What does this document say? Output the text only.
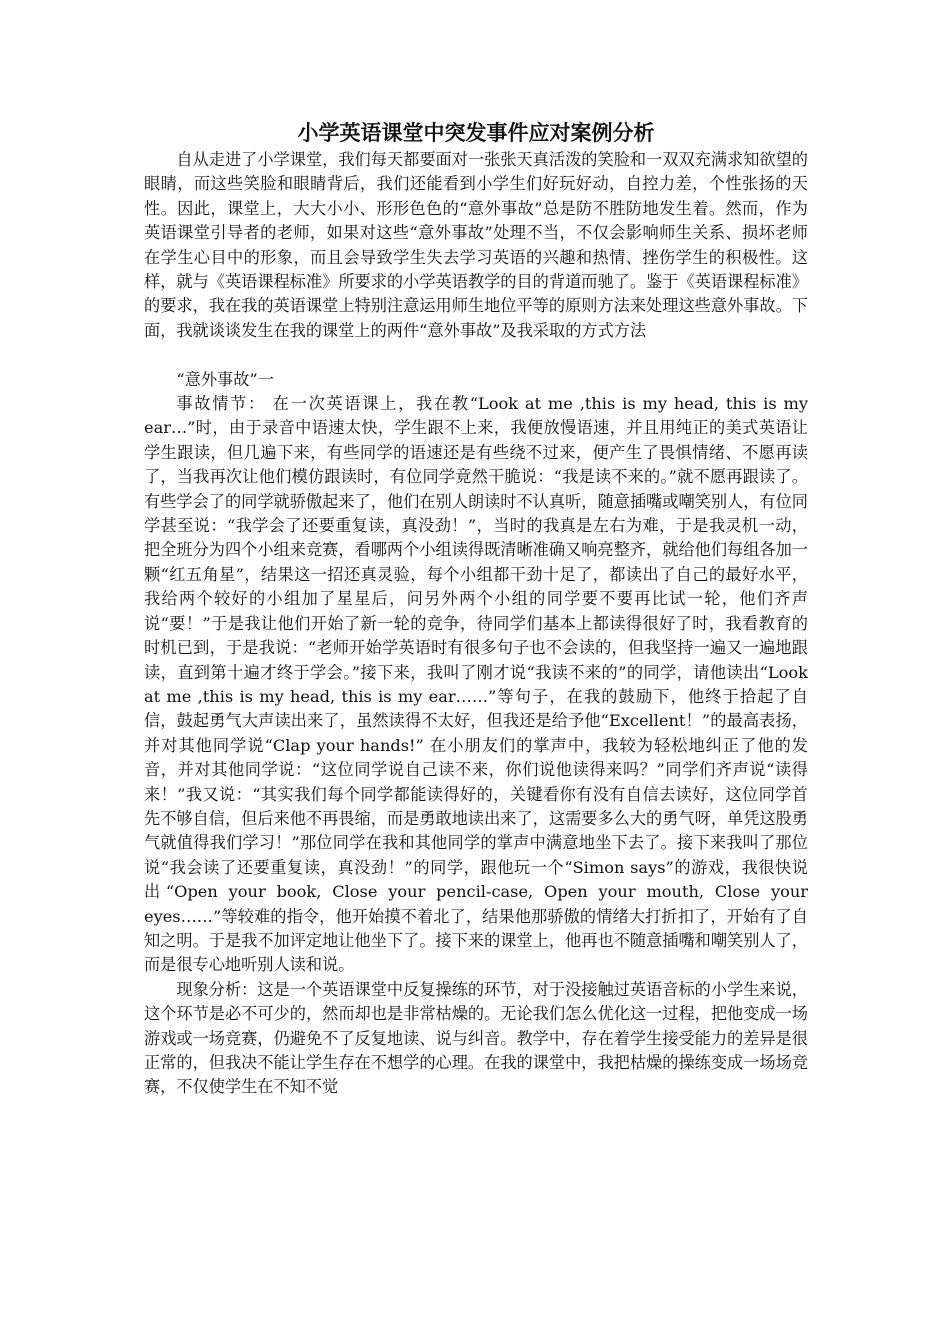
小学英语课堂中突发事件应对案例分析

自从走进了小学课堂，我们每天都要面对一张张天真活泼的笑脸和一双双充满求知欲望的眼睛，而这些笑脸和眼睛背后，我们还能看到小学生们好玩好动，自控力差，个性张扬的天性。因此，课堂上，大大小小、形形色色的“意外事故”总是防不胜防地发生着。然而，作为英语课堂引导者的老师，如果对这些“意外事故”处理不当，不仅会影响师生关系、损坏老师在学生心目中的形象，而且会导致学生失去学习英语的兴趣和热情、挫伤学生的积极性。这样，就与《英语课程标准》所要求的小学英语教学的目的背道而驰了。鉴于《英语课程标准》的要求，我在我的英语课堂上特别注意运用师生地位平等的原则方法来处理这些意外事故。下面，我就谈谈发生在我的课堂上的两件“意外事故”及我采取的方式方法

“意外事故”一

事故情节： 在一次英语课上，我在教“Look at me ,this is my head, this is my ear…”时，由于录音中语速太快，学生跟不上来，我便放慢语速，并且用纯正的美式英语让学生跟读，但几遍下来，有些同学的语速还是有些绕不过来，便产生了畏惧情绪、不愿再读了，当我再次让他们模仿跟读时，有位同学竟然干脆说：“我是读不来的。”就不愿再跟读了。有些学会了的同学就骄傲起来了，他们在别人朗读时不认真听，随意插嘴或嘲笑别人，有位同学甚至说：“我学会了还要重复读，真没劲！”，当时的我真是左右为难，于是我灵机一动，把全班分为四个小组来竞赛，看哪两个小组读得既清晰准确又响亮整齐，就给他们每组各加一颗“红五角星”，结果这一招还真灵验，每个小组都干劲十足了，都读出了自己的最好水平，我给两个较好的小组加了星星后，问另外两个小组的同学要不要再比试一轮，他们齐声说“要！”于是我让他们开始了新一轮的竞争，待同学们基本上都读得很好了时，我看教育的时机已到，于是我说：“老师开始学英语时有很多句子也不会读的，但我坚持一遍又一遍地跟读，直到第十遍才终于学会。”接下来，我叫了刚才说“我读不来的”的同学，请他读出“Look at me ,this is my head, this is my ear……”等句子，在我的鼓励下，他终于拾起了自信，鼓起勇气大声读出来了，虽然读得不太好，但我还是给予他“Excellent！”的最高表扬，并对其他同学说“Clap your hands!” 在小朋友们的掌声中，我较为轻松地纠正了他的发音，并对其他同学说：“这位同学说自己读不来，你们说他读得来吗？”同学们齐声说“读得来！”我又说：“其实我们每个同学都能读得好的，关键看你有没有自信去读好，这位同学首先不够自信，但后来他不再畏缩，而是勇敢地读出来了，这需要多么大的勇气呀，单凭这股勇气就值得我们学习！”那位同学在我和其他同学的掌声中满意地坐下去了。接下来我叫了那位说“我会读了还要重复读，真没劲！”的同学，跟他玩一个“Simon says”的游戏，我很快说出“Open your book, Close your pencil-case, Open your mouth, Close your eyes……”等较难的指令，他开始摸不着北了，结果他那骄傲的情绪大打折扣了，开始有了自知之明。于是我不加评定地让他坐下了。接下来的课堂上，他再也不随意插嘴和嘲笑别人了，而是很专心地听别人读和说。

现象分析：这是一个英语课堂中反复操练的环节，对于没接触过英语音标的小学生来说，这个环节是必不可少的，然而却也是非常枯燥的。无论我们怎么优化这一过程，把他变成一场游戏或一场竞赛，仍避免不了反复地读、说与纠音。教学中，存在着学生接受能力的差异是很正常的，但我决不能让学生存在不想学的心理。在我的课堂中，我把枯燥的操练变成一场场竞赛，不仅使学生在不知不觉
